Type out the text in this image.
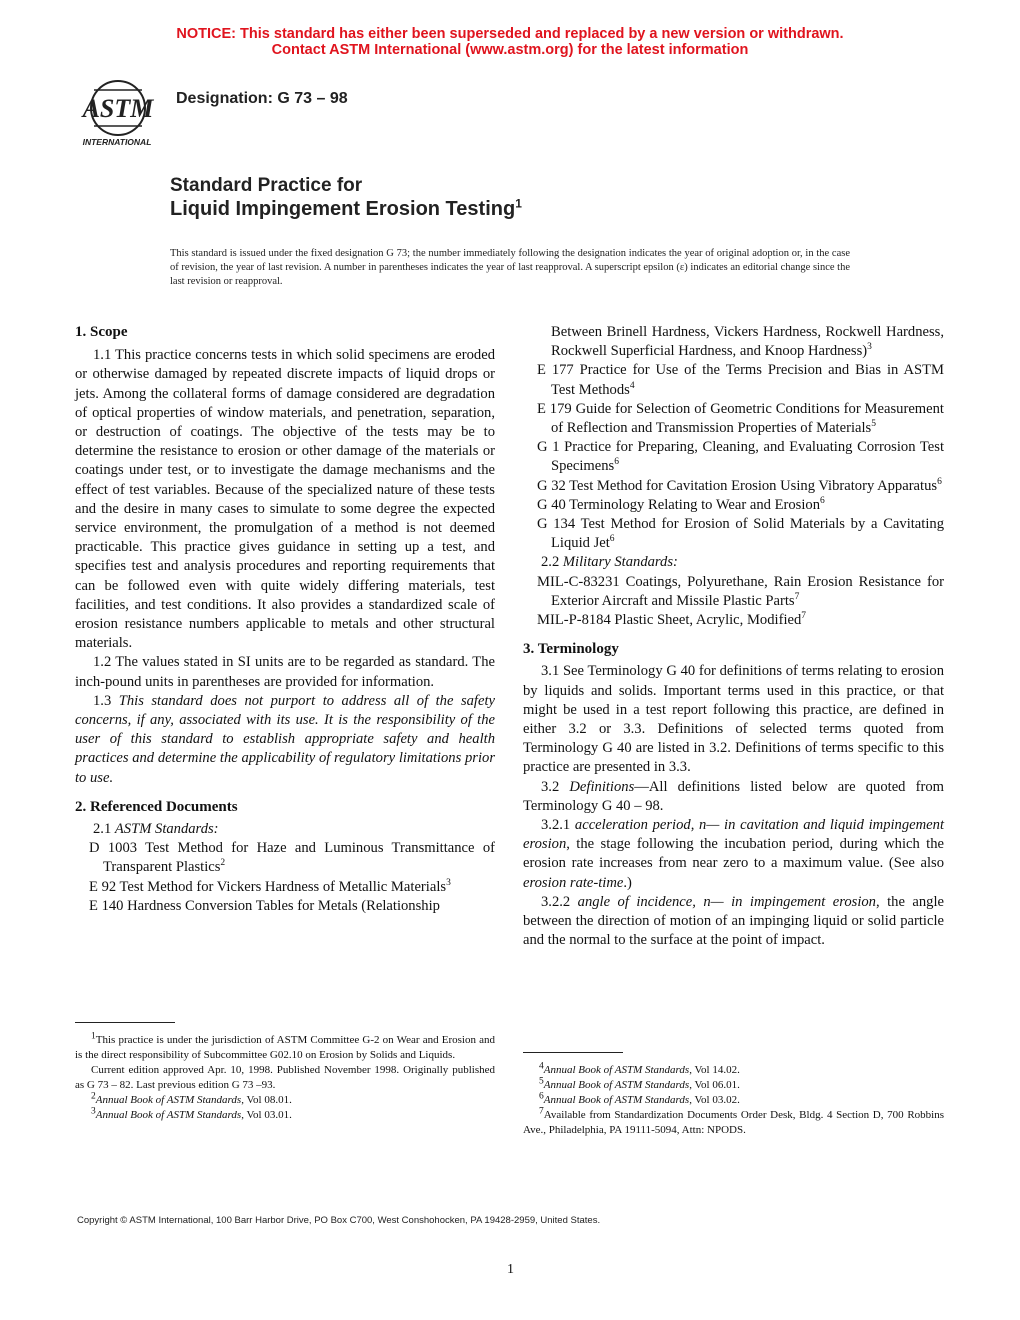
NOTICE: This standard has either been superseded and replaced by a new version or withdrawn.
Contact ASTM International (www.astm.org) for the latest information
ASTM
INTERNATIONAL
Designation: G 73 – 98
Standard Practice for
Liquid Impingement Erosion Testing$^1$
This standard is issued under the fixed designation G 73; the number immediately following the designation indicates the year of original adoption or, in the case of revision, the year of last revision. A number in parentheses indicates the year of last reapproval. A superscript epsilon (ε) indicates an editorial change since the last revision or reapproval.

1. Scope

1.1 This practice concerns tests in which solid specimens are eroded or otherwise damaged by repeated discrete impacts of liquid drops or jets. Among the collateral forms of damage considered are degradation of optical properties of window materials, and penetration, separation, or destruction of coatings. The objective of the tests may be to determine the resistance to erosion or other damage of the materials or coatings under test, or to investigate the damage mechanisms and the effect of test variables. Because of the specialized nature of these tests and the desire in many cases to simulate to some degree the expected service environment, the promulgation of a method is not deemed practicable. This practice gives guidance in setting up a test, and specifies test and analysis procedures and reporting requirements that can be followed even with quite widely differing materials, test facilities, and test conditions. It also provides a standardized scale of erosion resistance numbers applicable to metals and other structural materials.

1.2 The values stated in SI units are to be regarded as standard. The inch-pound units in parentheses are provided for information.

1.3 This standard does not purport to address all of the safety concerns, if any, associated with its use. It is the responsibility of the user of this standard to establish appropriate safety and health practices and determine the applicability of regulatory limitations prior to use.

2. Referenced Documents

2.1 ASTM Standards:

D 1003 Test Method for Haze and Luminous Transmittance of Transparent Plastics$^2$

E 92 Test Method for Vickers Hardness of Metallic Materials$^3$

E 140 Hardness Conversion Tables for Metals (Relationship

Between Brinell Hardness, Vickers Hardness, Rockwell Hardness, Rockwell Superficial Hardness, and Knoop Hardness)$^3$

E 177 Practice for Use of the Terms Precision and Bias in ASTM Test Methods$^4$

E 179 Guide for Selection of Geometric Conditions for Measurement of Reflection and Transmission Properties of Materials$^5$

G 1 Practice for Preparing, Cleaning, and Evaluating Corrosion Test Specimens$^6$

G 32 Test Method for Cavitation Erosion Using Vibratory Apparatus$^6$

G 40 Terminology Relating to Wear and Erosion$^6$

G 134 Test Method for Erosion of Solid Materials by a Cavitating Liquid Jet$^6$

2.2 Military Standards:

MIL-C-83231 Coatings, Polyurethane, Rain Erosion Resistance for Exterior Aircraft and Missile Plastic Parts$^7$

MIL-P-8184 Plastic Sheet, Acrylic, Modified$^7$

3. Terminology

3.1 See Terminology G 40 for definitions of terms relating to erosion by liquids and solids. Important terms used in this practice, or that might be used in a test report following this practice, are defined in either 3.2 or 3.3. Definitions of selected terms quoted from Terminology G 40 are listed in 3.2. Definitions of terms specific to this practice are presented in 3.3.

3.2 Definitions—All definitions listed below are quoted from Terminology G 40 – 98.

3.2.1 acceleration period, n— in cavitation and liquid impingement erosion, the stage following the incubation period, during which the erosion rate increases from near zero to a maximum value. (See also erosion rate-time.)

3.2.2 angle of incidence, n— in impingement erosion, the angle between the direction of motion of an impinging liquid or solid particle and the normal to the surface at the point of impact.

$^1$This practice is under the jurisdiction of ASTM Committee G-2 on Wear and Erosion and is the direct responsibility of Subcommittee G02.10 on Erosion by Solids and Liquids.

Current edition approved Apr. 10, 1998. Published November 1998. Originally published as G 73 – 82. Last previous edition G 73 –93.

$^2$Annual Book of ASTM Standards, Vol 08.01.

$^3$Annual Book of ASTM Standards, Vol 03.01.

$^4$Annual Book of ASTM Standards, Vol 14.02.

$^5$Annual Book of ASTM Standards, Vol 06.01.

$^6$Annual Book of ASTM Standards, Vol 03.02.

$^7$Available from Standardization Documents Order Desk, Bldg. 4 Section D, 700 Robbins Ave., Philadelphia, PA 19111-5094, Attn: NPODS.

Copyright © ASTM International, 100 Barr Harbor Drive, PO Box C700, West Conshohocken, PA 19428-2959, United States.
1
